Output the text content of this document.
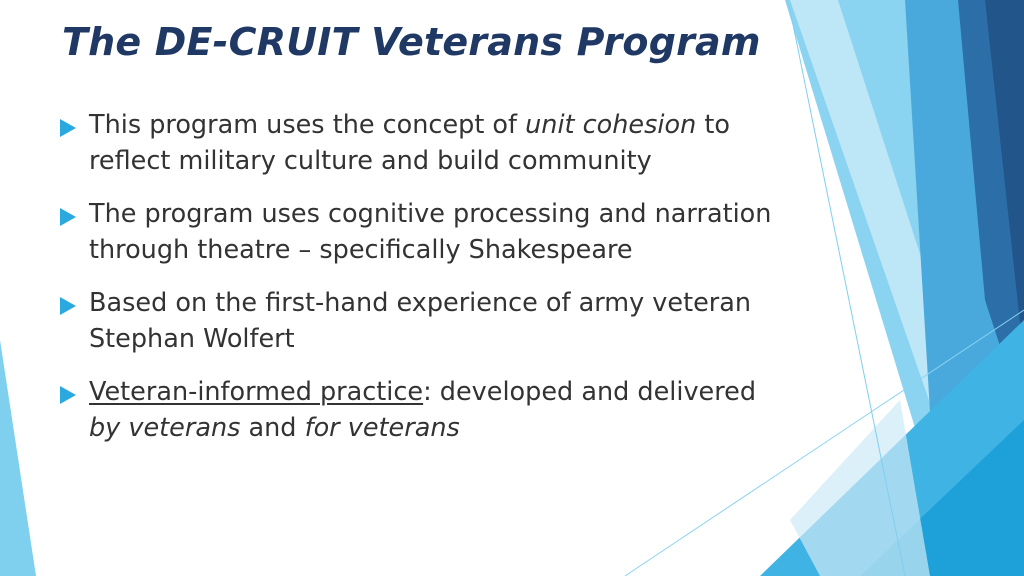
The DE-CRUIT Veterans Program
This program uses the concept of unit cohesion to reflect military culture and build community
The program uses cognitive processing and narration through theatre – specifically Shakespeare
Based on the first-hand experience of army veteran Stephan Wolfert
Veteran-informed practice: developed and delivered by veterans and for veterans
